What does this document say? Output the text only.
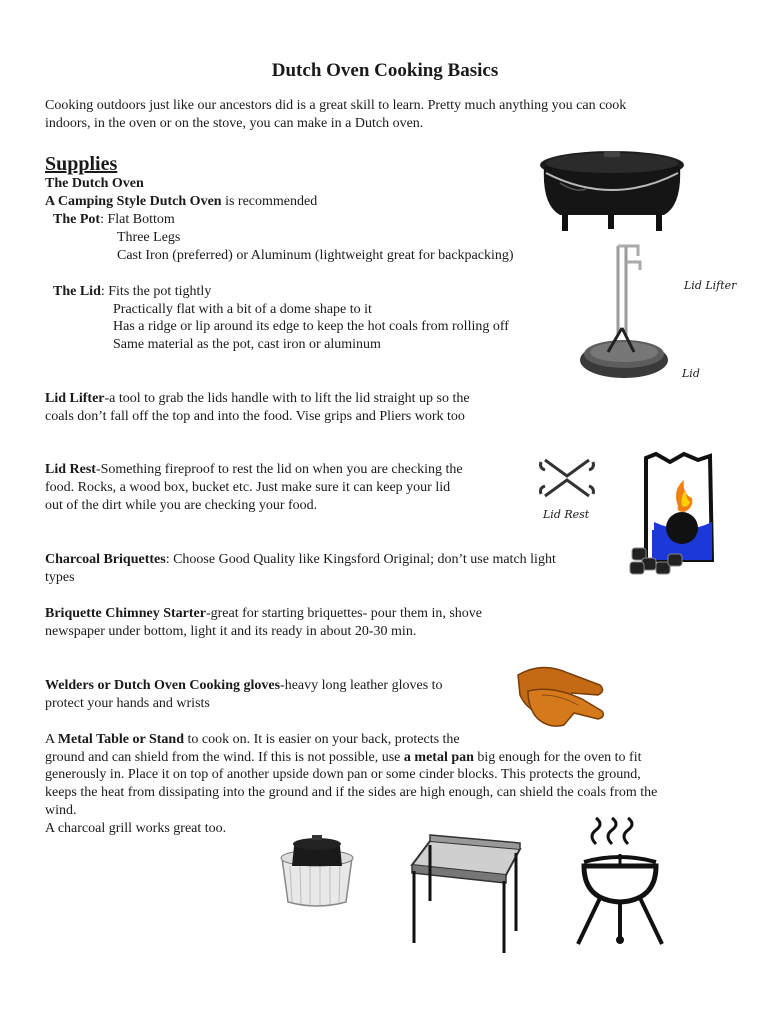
Dutch Oven Cooking Basics
Cooking outdoors just like our ancestors did is a great skill to learn. Pretty much anything you can cook
indoors, in the oven or on the stove, you can make in a Dutch oven.
Supplies
The Dutch Oven
A Camping Style Dutch Oven is recommended
The Pot: Flat Bottom
Three Legs
Cast Iron (preferred) or Aluminum (lightweight great for backpacking)
The Lid: Fits the pot tightly
Practically flat with a bit of a dome shape to it
Has a ridge or lip around its edge to keep the hot coals from rolling off
Same material as the pot, cast iron or aluminum
Lid Lifter-a tool to grab the lids handle with to lift the lid straight up so the
coals don’t fall off the top and into the food. Vise grips and Pliers work too
Lid Rest-Something fireproof to rest the lid on when you are checking the
food. Rocks, a wood box, bucket etc. Just make sure it can keep your lid
out of the dirt while you are checking your food.
Charcoal Briquettes: Choose Good Quality like Kingsford Original; don’t use match light
types
Briquette Chimney Starter-great for starting briquettes- pour them in, shove
newspaper under bottom, light it and its ready in about 20-30 min.
Welders or Dutch Oven Cooking gloves-heavy long leather gloves to
protect your hands and wrists
A Metal Table or Stand to cook on. It is easier on your back, protects the
ground and can shield from the wind. If this is not possible, use a metal pan big enough for the oven to fit
generously in. Place it on top of another upside down pan or some cinder blocks. This protects the ground,
keeps the heat from dissipating into the ground and if the sides are high enough, can shield the coals from the
wind.
A charcoal grill works great too.
Lid Lifter
Lid
Lid Rest
